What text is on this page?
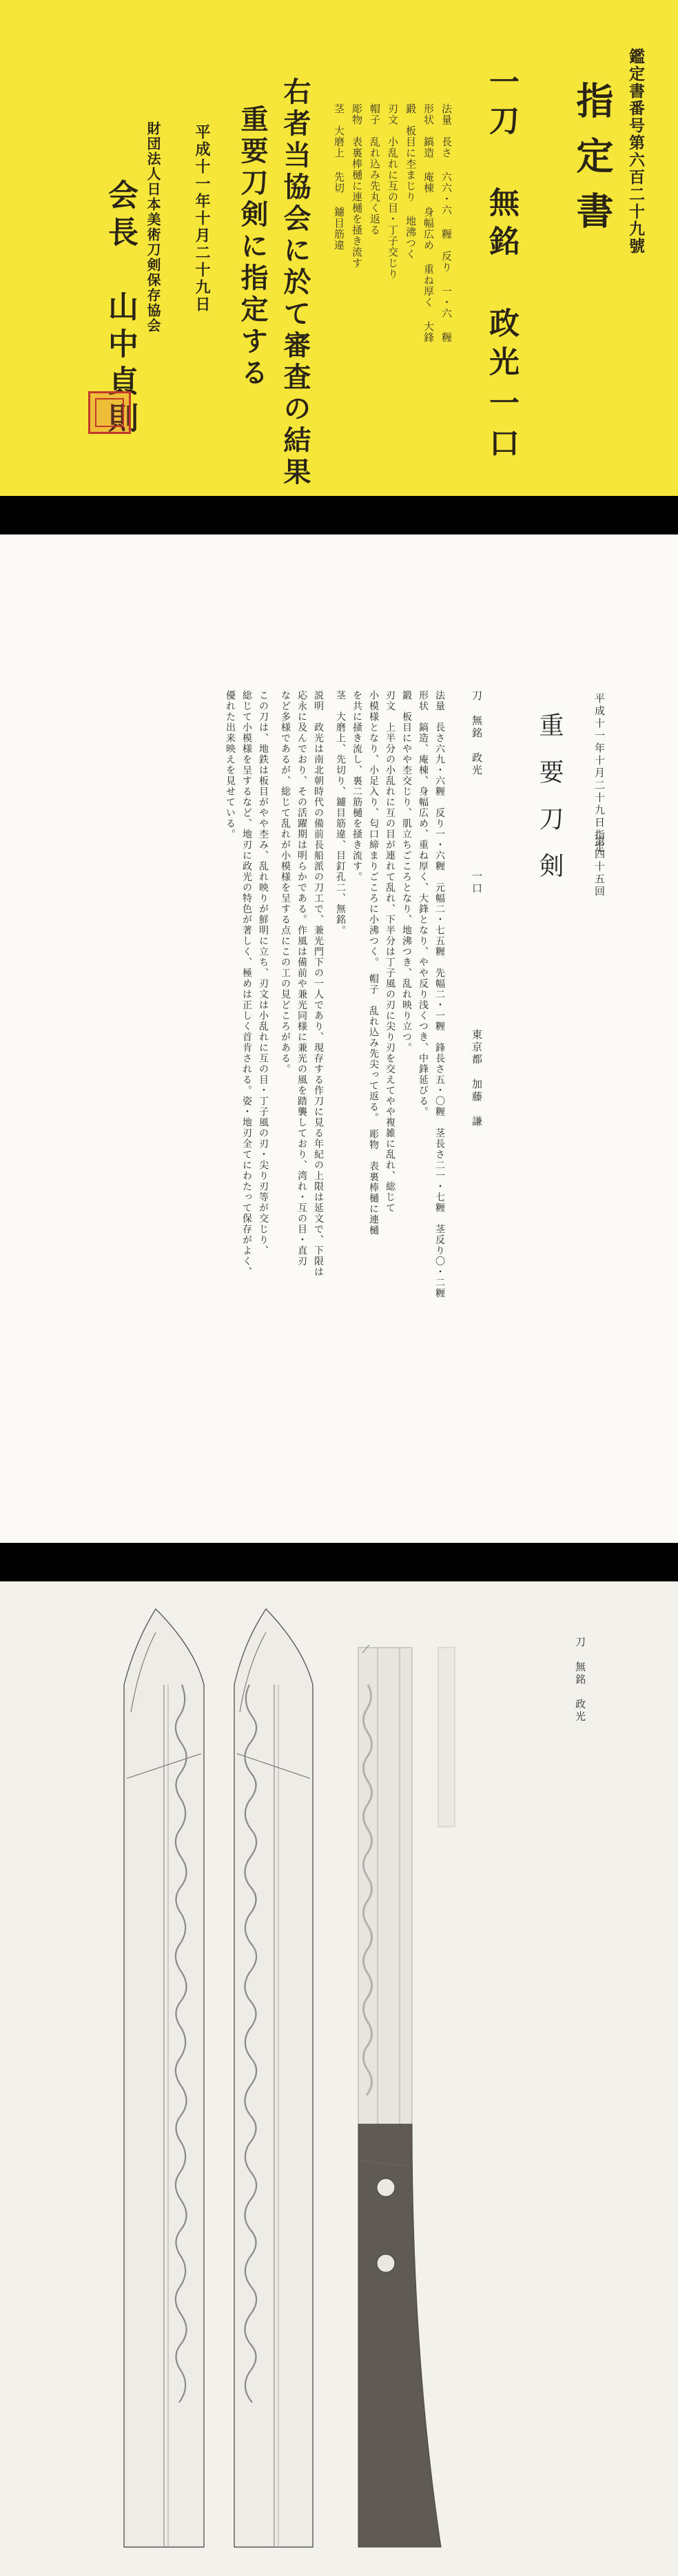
鑑定書番号第六百二十九號
指定書
一刀 無銘 政光
一口
法量　長さ 六六・六 糎　反り 一・六 糎
形状　鎬造 庵棟 身幅広め 重ね厚く 大鋒
鍛　板目に杢まじり 地沸つく
刃文　小乱れに互の目・丁子交じり
帽子　乱れ込み先丸く返る
彫物　表裏棒樋に連樋を掻き流す
茎　大磨上 先切 鑢目筋違
右者当協会に於て審査の結果
重要刀剣に指定する
平成十一年十月二十九日
財団法人日本美術刀剣保存協会
会長　山中貞則
平成十一年十月二十九日指定
第四十五回
重要刀剣
刀　無銘　政光
一口
東京都　加藤　謙
法量　長さ六九・六糎　反り一・六糎　元幅二・七五糎　先幅二・一糎　鋒長さ五・〇糎　茎長さ二一・七糎　茎反り〇・二糎
形状　鎬造、庵棟、身幅広め、重ね厚く、大鋒となり、やや反り浅くつき、中鋒延びる。
鍛　板目にやや杢交じり、肌立ちごころとなり、地沸つき、乱れ映り立つ。
刃文　上半分の小乱れに互の目が連れて乱れ、下半分は丁子風の刃に尖り刃を交えてやや複雑に乱れ、総じて
小模様となり、小足入り、匂口締まりごころに小沸つく。　帽子　乱れ込み先尖って返る。　彫物　表裏棒樋に連樋
を共に掻き流し、裏二筋樋を掻き流す。
茎　大磨上、先切り、鑢目筋違、目釘孔二、無銘。
説明　政光は南北朝時代の備前長船派の刀工で、兼光門下の一人であり、現存する作刀に見る年紀の上限は延文で、下限は
応永に及んでおり、その活躍期は明らかである。作風は備前や兼光同様に兼光の風を踏襲しており、湾れ・互の目・直刃
など多様であるが、総じて乱れが小模様を呈する点にこの工の見どころがある。
この刀は、地鉄は板目がやや杢み、乱れ映りが鮮明に立ち、刃文は小乱れに互の目・丁子風の刃・尖り刃等が交じり、
総じて小模様を呈するなど、地刃に政光の特色が著しく、極めは正しく首肯される。姿・地刃全てにわたって保存がよく、
優れた出来映えを見せている。
刀　無銘　政光
